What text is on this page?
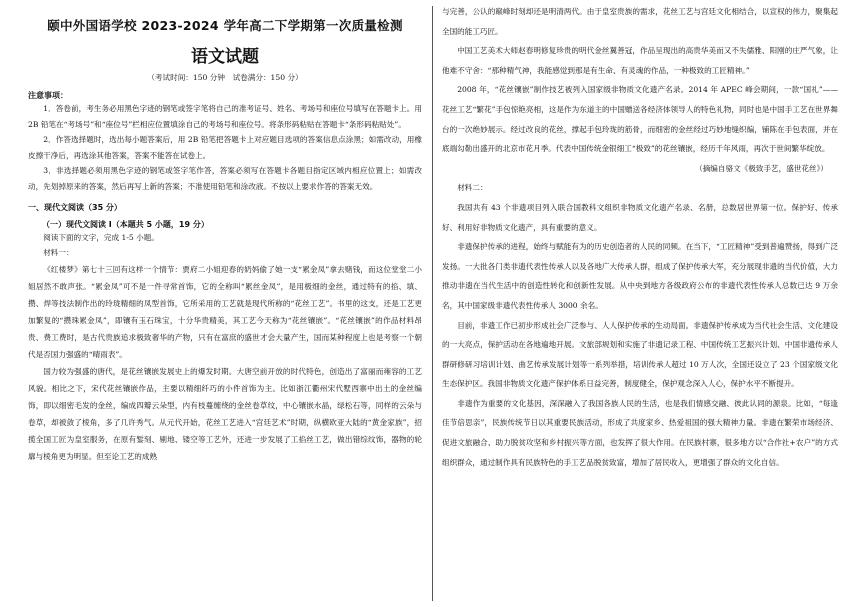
颐中外国语学校 2023-2024 学年高二下学期第一次质量检测
语文试题
（考试时间：150 分钟　试卷满分：150 分）
注意事项：

1．答卷前，考生务必用黑色字迹的钢笔或签字笔将自己的准考证号、姓名、考场号和座位号填写在答题卡上。用 2B 铅笔在“考场号”和“座位号”栏相应位置填涂自己的考场号和座位号。将条形码粘贴在答题卡“条形码粘贴处”。

2．作答选择题时，选出每小题答案后，用 2B 铅笔把答题卡上对应题目选项的答案信息点涂黑；如需改动，用橡皮擦干净后，再选涂其他答案，答案不能答在试卷上。

3．非选择题必须用黑色字迹的钢笔或签字笔作答，答案必须写在答题卡各题目指定区域内相应位置上；如需改动，先划掉原来的答案，然后再写上新的答案；不准使用铅笔和涂改液。不按以上要求作答的答案无效。

一、现代文阅读（35 分）
（一）现代文阅读 Ⅰ（本题共 5 小题，19 分）

阅读下面的文字，完成 1-5 小题。

材料一：

《红楼梦》第七十三回有这样一个情节：贾府二小姐迎春的奶妈偷了她一支“累金凤”拿去赌钱，而这位堂堂二小姐居然不敢声张。“累金凤”可不是一件寻常首饰，它的全称叫“累丝金凤”，是用极细的金丝，通过特有的掐、填、攒、焊等技法制作出的玲珑精细的凤型首饰，它所采用的工艺就是现代所称的“花丝工艺”。书里的这支，还是工艺更加繁复的“攒珠累金凤”，即镶有玉石珠宝，十分华贵精美，其工艺今天称为“花丝镶嵌”。“花丝镶嵌”的作品材料昂贵、费工费时，是古代贵族追求极致奢华的产物，只有在富庶的盛世才会大量产生，国而某种程度上也是考察一个朝代是否国力强盛的“晴雨表”。

国力较为强盛的唐代，是花丝镶嵌发展史上的爆发时期。大唐空前开放的时代特色，创造出了富丽而雍容的工艺风貌。相比之下，宋代花丝镶嵌作品，主要以精细纤巧的小件首饰为主。比如浙江衢州宋代墅西寨中出土的金丝编饰，即以细密毛发的金丝，编成四瓣云朵型，内有枝蔓缠绕的金丝卷草纹，中心镶嵌水晶，绿松石等，同样的云朵与卷草，却被敛了棱角，多了几许秀气。从元代开始，花丝工艺进入“宫廷艺术”时期，纵横欧亚大陆的“黄金家族”，招揽全国工匠为皇室服务，在原有錾刻、剔地、镂空等工艺外，还进一步发展了工掐丝工艺，做出错综纹饰，器物的轮廓与棱角更为明显。但至论工艺的成熟

与完善，公认的巅峰时刻却还是明清两代。由于皇室贵族的需求，花丝工艺与宫廷文化相结合，以宣权的伟力，聚集起全国的能工巧匠。

中国工艺美术大师赵春明修复珍贵的明代金丝翼善冠，作品呈现出的高贵华美而又不失儒雅、阳刚的庄严气象，让他难不守舍：“那种精气神，我能感觉到那是有生命、有灵魂的作品，一种极致的工匠精神。”

2008 年，“花丝镶嵌”制作技艺被列入国家级非物质文化遗产名录。2014 年 APEC 峰会期间，一款“国礼”——花丝工艺“繁花”手包惊艳亮相，这是作为东道主的中国赠送各经济体领导人的特色礼物，同时也是中国手工艺在世界舞台的一次绝妙展示。经过改良的花丝，撑起手包玲珑的筋骨，而细密的金丝经过巧妙地缝织编，铺陈在手包表面，并在底端勾勒出盛开的北京市花月季。代表中国传统金银细工“极致”的花丝镶嵌，经历千年风雨，再次于世间繁华绽放。

（摘编自骆文《极致手艺，盛世花丝》）

材料二：

我国共有 43 个非遗项目列入联合国教科文组织非物质文化遗产名录、名册，总数居世界第一位。保护好、传承好、利用好非物质文化遗产，具有重要的意义。

非遗保护传承的进程，始终与赋能有为的历史创造者的人民的同频。在当下，“工匠精神”受到普遍赞扬，得到广泛发扬。一大批各门类非遗代表性传承人以及各地广大传承人群，组成了保护传承大军，充分展现非遗的当代价值，大力推动非遗在当代生活中的创造性转化和创新性发展。从中央到地方各级政府公布的非遗代表性传承人总数已达 9 万余名，其中国家级非遗代表性传承人 3000 余名。

目前，非遗工作已初步形成社会广泛参与、人人保护传承的生动局面。非遗保护传承成为当代社会生活、文化建设的一大亮点，保护活动在各地遍地开展。文旅部规划和实施了非遗记录工程、中国传统工艺振兴计划、中国非遗传承人群研修研习培训计划、曲艺传承发展计划等一系列举措，培训传承人超过 10 万人次，全国还设立了 23 个国家级文化生态保护区。我国非物质文化遗产保护体系日益完善，制度健全，保护观念深入人心，保护水平不断提升。

非遗作为重要的文化基因，深深融入了我国各族人民的生活，也是我们情感交融、彼此认同的源泉。比如，“每逢佳节倍思亲”，民族传统节日以其重要民族活动，形成了共度家乡、热爱祖国的强大精神力量。非遗在繁荣市场经济、促进文旅融合、助力脱贫攻坚和乡村振兴等方面，也发挥了很大作用。在民族村寨，很多地方以“合作社+农户”的方式组织群众，通过制作具有民族特色的手工艺品脱贫致富，增加了居民收入，更增强了群众的文化自信。
